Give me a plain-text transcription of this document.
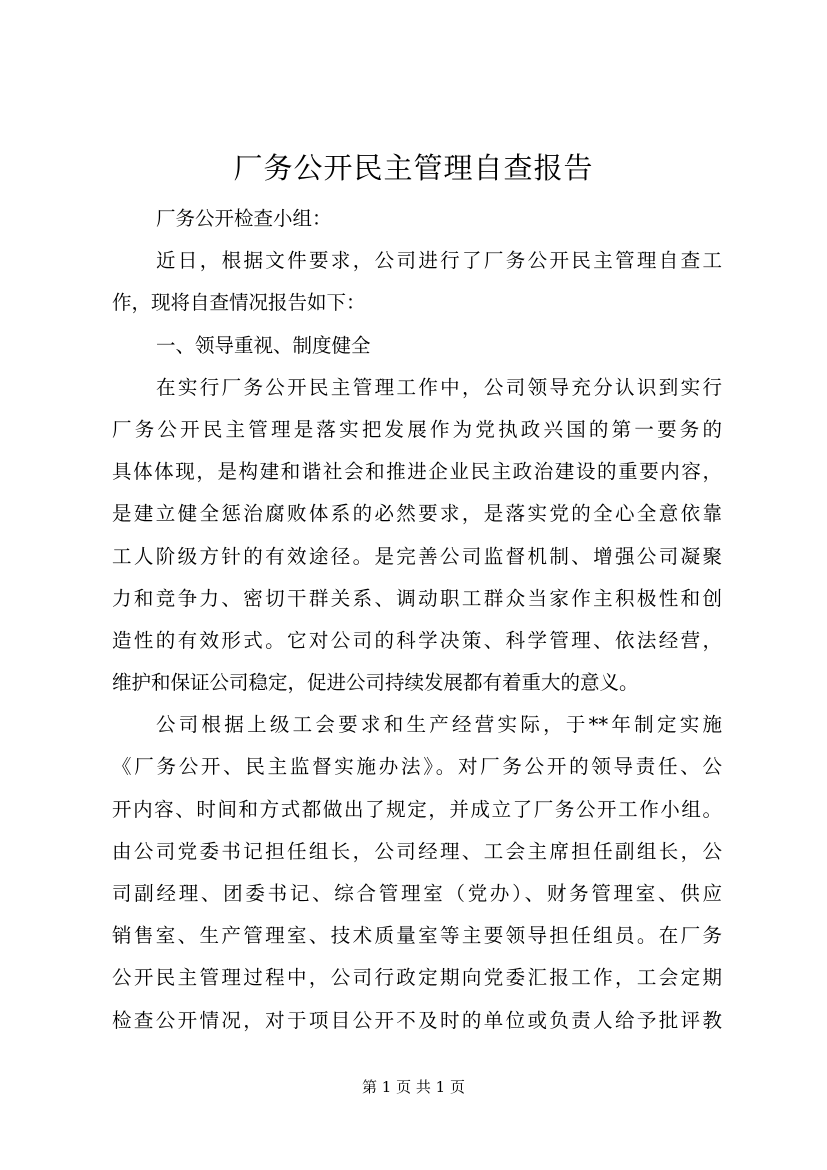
厂务公开民主管理自查报告
厂务公开检查小组：
近日，根据文件要求，公司进行了厂务公开民主管理自查工
作，现将自查情况报告如下：
一、领导重视、制度健全
在实行厂务公开民主管理工作中，公司领导充分认识到实行
厂务公开民主管理是落实把发展作为党执政兴国的第一要务的
具体体现，是构建和谐社会和推进企业民主政治建设的重要内容，
是建立健全惩治腐败体系的必然要求，是落实党的全心全意依靠
工人阶级方针的有效途径。是完善公司监督机制、增强公司凝聚
力和竞争力、密切干群关系、调动职工群众当家作主积极性和创
造性的有效形式。它对公司的科学决策、科学管理、依法经营，
维护和保证公司稳定，促进公司持续发展都有着重大的意义。
公司根据上级工会要求和生产经营实际，于**年制定实施
《厂务公开、民主监督实施办法》。对厂务公开的领导责任、公
开内容、时间和方式都做出了规定，并成立了厂务公开工作小组。
由公司党委书记担任组长，公司经理、工会主席担任副组长，公
司副经理、团委书记、综合管理室（党办）、财务管理室、供应
销售室、生产管理室、技术质量室等主要领导担任组员。在厂务
公开民主管理过程中，公司行政定期向党委汇报工作，工会定期
检查公开情况，对于项目公开不及时的单位或负责人给予批评教
第 1 页 共 1 页
